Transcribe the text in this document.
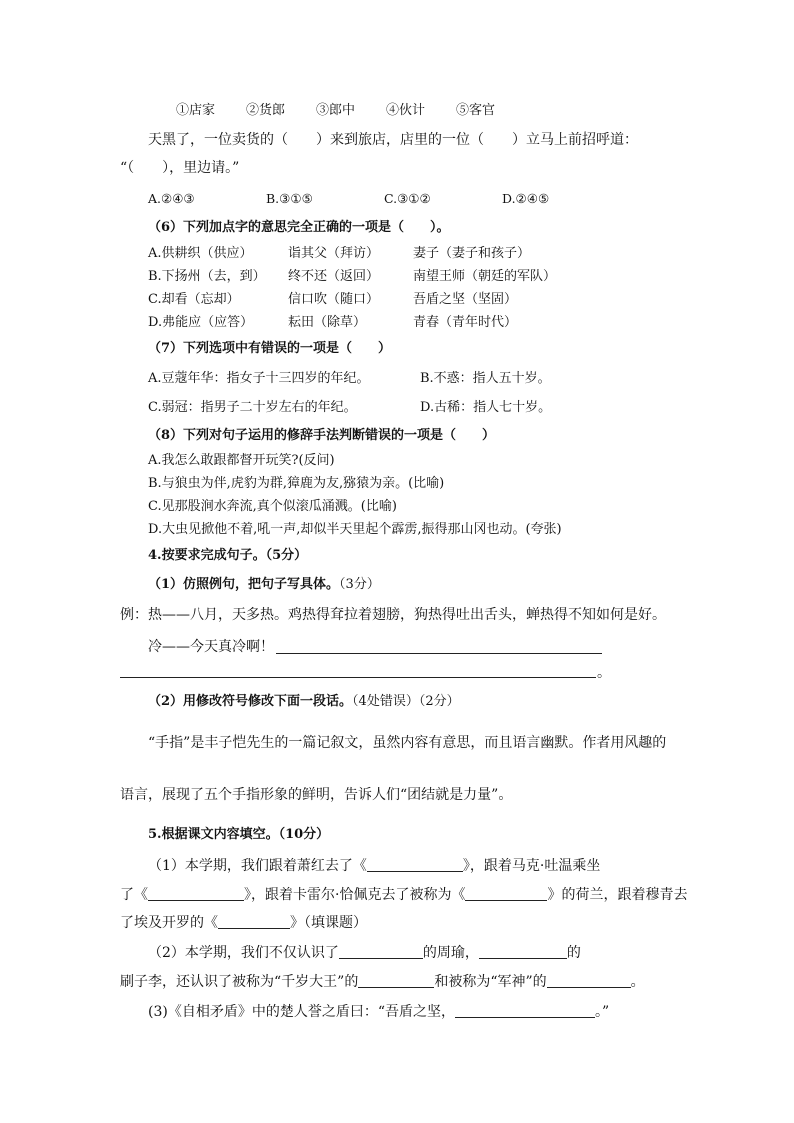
①店家 ②货郎 ③郎中 ④伙计 ⑤客官
天黑了，一位卖货的（　　）来到旅店，店里的一位（　　）立马上前招呼道：
“（　　），里边请。”
A.②④③	B.③①⑤	C.③①②	D.②④⑤
（6）下列加点字的意思完全正确的一项是（　　）。
A.供耕织（供应）	诣其父（拜访）	妻子（妻子和孩子）
B.下扬州（去，到） 终不还（返回）	南望王师（朝廷的军队）
C.却看（忘却）	信口吹（随口）	吾盾之坚（坚固）
D.弗能应（应答）	耘田（除草）	青春（青年时代）
（7）下列选项中有错误的一项是（　　）
A.豆蔻年华：指女子十三四岁的年纪。	B.不惑：指人五十岁。
C.弱冠：指男子二十岁左右的年纪。	D.古稀：指人七十岁。
（8）下列对句子运用的修辞手法判断错误的一项是（　　）
A.我怎么敢跟都督开玩笑?(反问)
B.与狼虫为伴,虎豹为群,獐鹿为友,猕猿为亲。(比喻)
C.见那股涧水奔流,真个似滚瓜涌溅。(比喻)
D.大虫见掀他不着,吼一声,却似半天里起个霹雳,振得那山冈也动。(夸张)
4.按要求完成句子。（5分）
（1）仿照例句，把句子写具体。（3分）
例：热——八月，天多热。鸡热得耷拉着翅膀，狗热得吐出舌头，蝉热得不知如何是好。
冷——今天真冷啊！
。
（2）用修改符号修改下面一段话。（4处错误）（2分）
“手指”是丰子恺先生的一篇记叙文，虽然内容有意思，而且语言幽默。作者用风趣的
语言，展现了五个手指形象的鲜明，告诉人们“团结就是力量”。
5.根据课文内容填空。（10分）
（1）本学期，我们跟着萧红去了《	》，跟着马克·吐温乘坐
了《	》，跟着卡雷尔·恰佩克去了被称为《	》的荷兰，跟着穆青去
了埃及开罗的《	》（填课题）
（2）本学期，我们不仅认识了	的周瑜，	的
刷子李，还认识了被称为“千岁大王”的	和被称为“军神”的	。
(3)《自相矛盾》中的楚人誉之盾曰：“吾盾之坚，	。”
